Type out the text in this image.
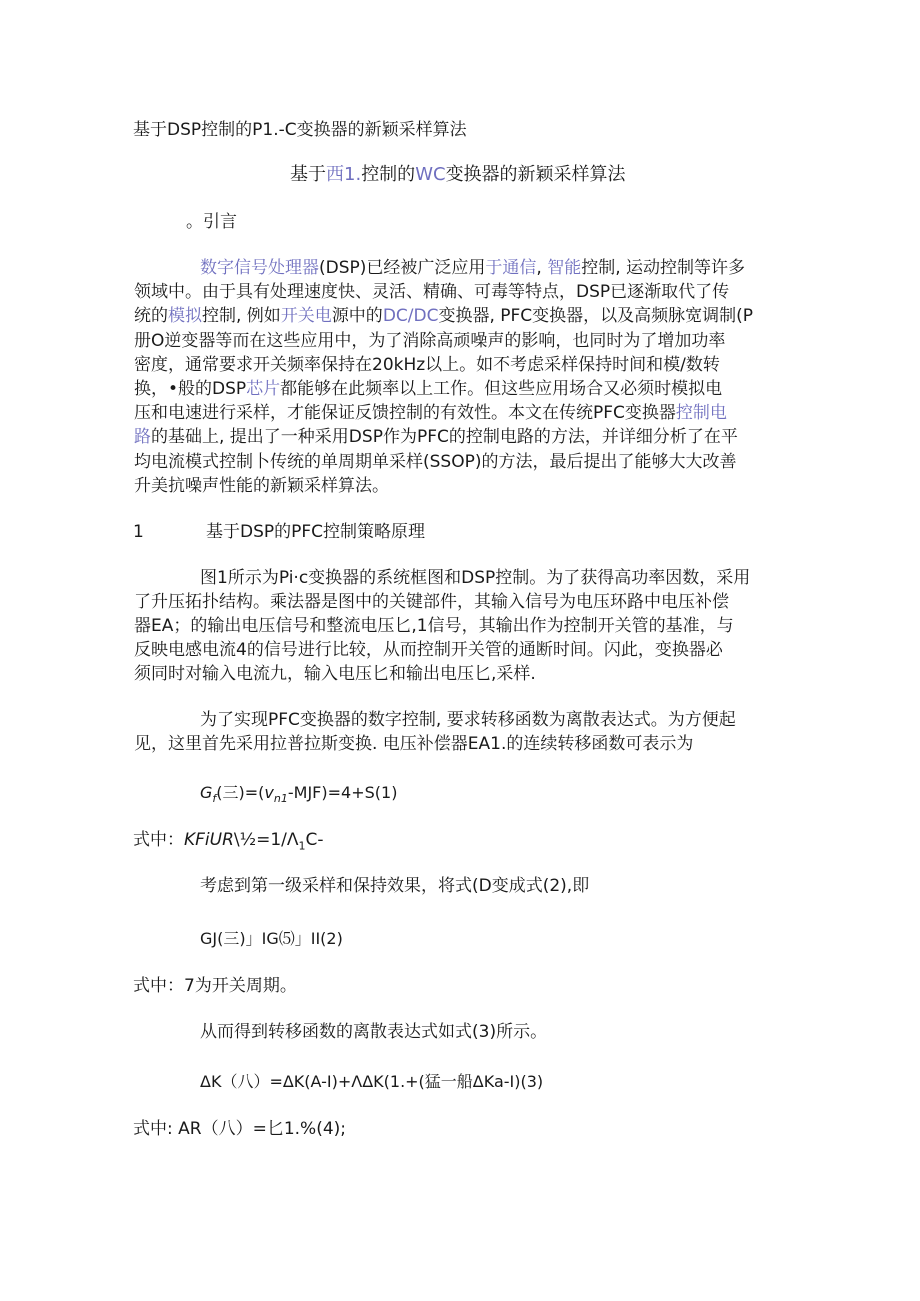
基于DSP控制的P1.-C变换器的新颖采样算法
基于西1.控制的WC变换器的新颖采样算法
。引言
数字信号处理器(DSP)已经被广泛应用于通信, 智能控制, 运动控制等许多
领域中。由于具有处理速度快、灵活、精确、可毒等特点，DSP已逐渐取代了传
统的模拟控制, 例如开关电源中的DC/DC变换器, PFC变换器，以及高频脉宽调制(P
册O逆变器等而在这些应用中，为了消除高顽噪声的影响，也同时为了增加功率
密度，通常要求开关频率保持在20kHz以上。如不考虑采样保持时间和模/数转
换，•般的DSP芯片都能够在此频率以上工作。但这些应用场合又必须时模拟电
压和电速进行采样，才能保证反馈控制的有效性。本文在传统PFC变换器控制电
路的基础上, 提出了一种采用DSP作为PFC的控制电路的方法，并详细分析了在平
均电流模式控制卜传统的单周期单采样(SSOP)的方法，最后提出了能够大大改善
升美抗噪声性能的新颖采样算法。
1	基于DSP的PFC控制策略原理
图1所示为Pi·c变换器的系统框图和DSP控制。为了获得高功率因数，采用
了升压拓扑结构。乘法器是图中的关键部件，其输入信号为电压环路中电压补偿
器EA；的输出电压信号和整流电压匕,1信号，其输出作为控制开关管的基准，与
反映电感电流4的信号进行比较，从而控制开关管的通断时间。闪此，变换器必
须同时对输入电流九，输入电压匕和输出电压匕,采样.
为了实现PFC变换器的数字控制, 要求转移函数为离散表达式。为方便起
见，这里首先采用拉普拉斯变换. 电压补偿器EA1.的连续转移函数可表示为
$G_f$(三)$=(v_{n1}-MJF)=4+S(1)$
式中：$KFiUR\backslash\frac{1}{2}=1/\Lambda_1C-$
考虑到第一级采样和保持效果，将式(D变成式(2),即
GJ(三)」IG⑸」II(2)
式中：7为开关周期。
从而得到转移函数的离散表达式如式(3)所示。
ΔK（八）=ΔK(A-I)+ΛΔK(1.+(猛一船ΔKa-I)(3)
式中: AR（八）=匕1.%(4);
